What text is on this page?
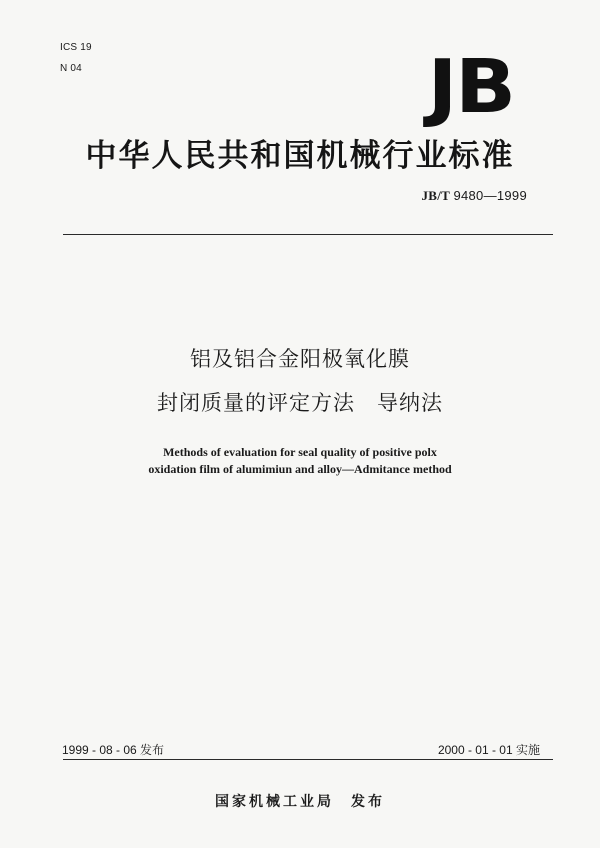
ICS 19
N 04	JB
中华人民共和国机械行业标准
JB/T 9480—1999
铝及铝合金阳极氧化膜
封闭质量的评定方法　导纳法
Methods of evaluation for seal quality of positive polx
oxidation film of alumimiun and alloy—Admitance method
1999 - 08 - 06 发布	2000 - 01 - 01 实施
国家机械工业局　发布
